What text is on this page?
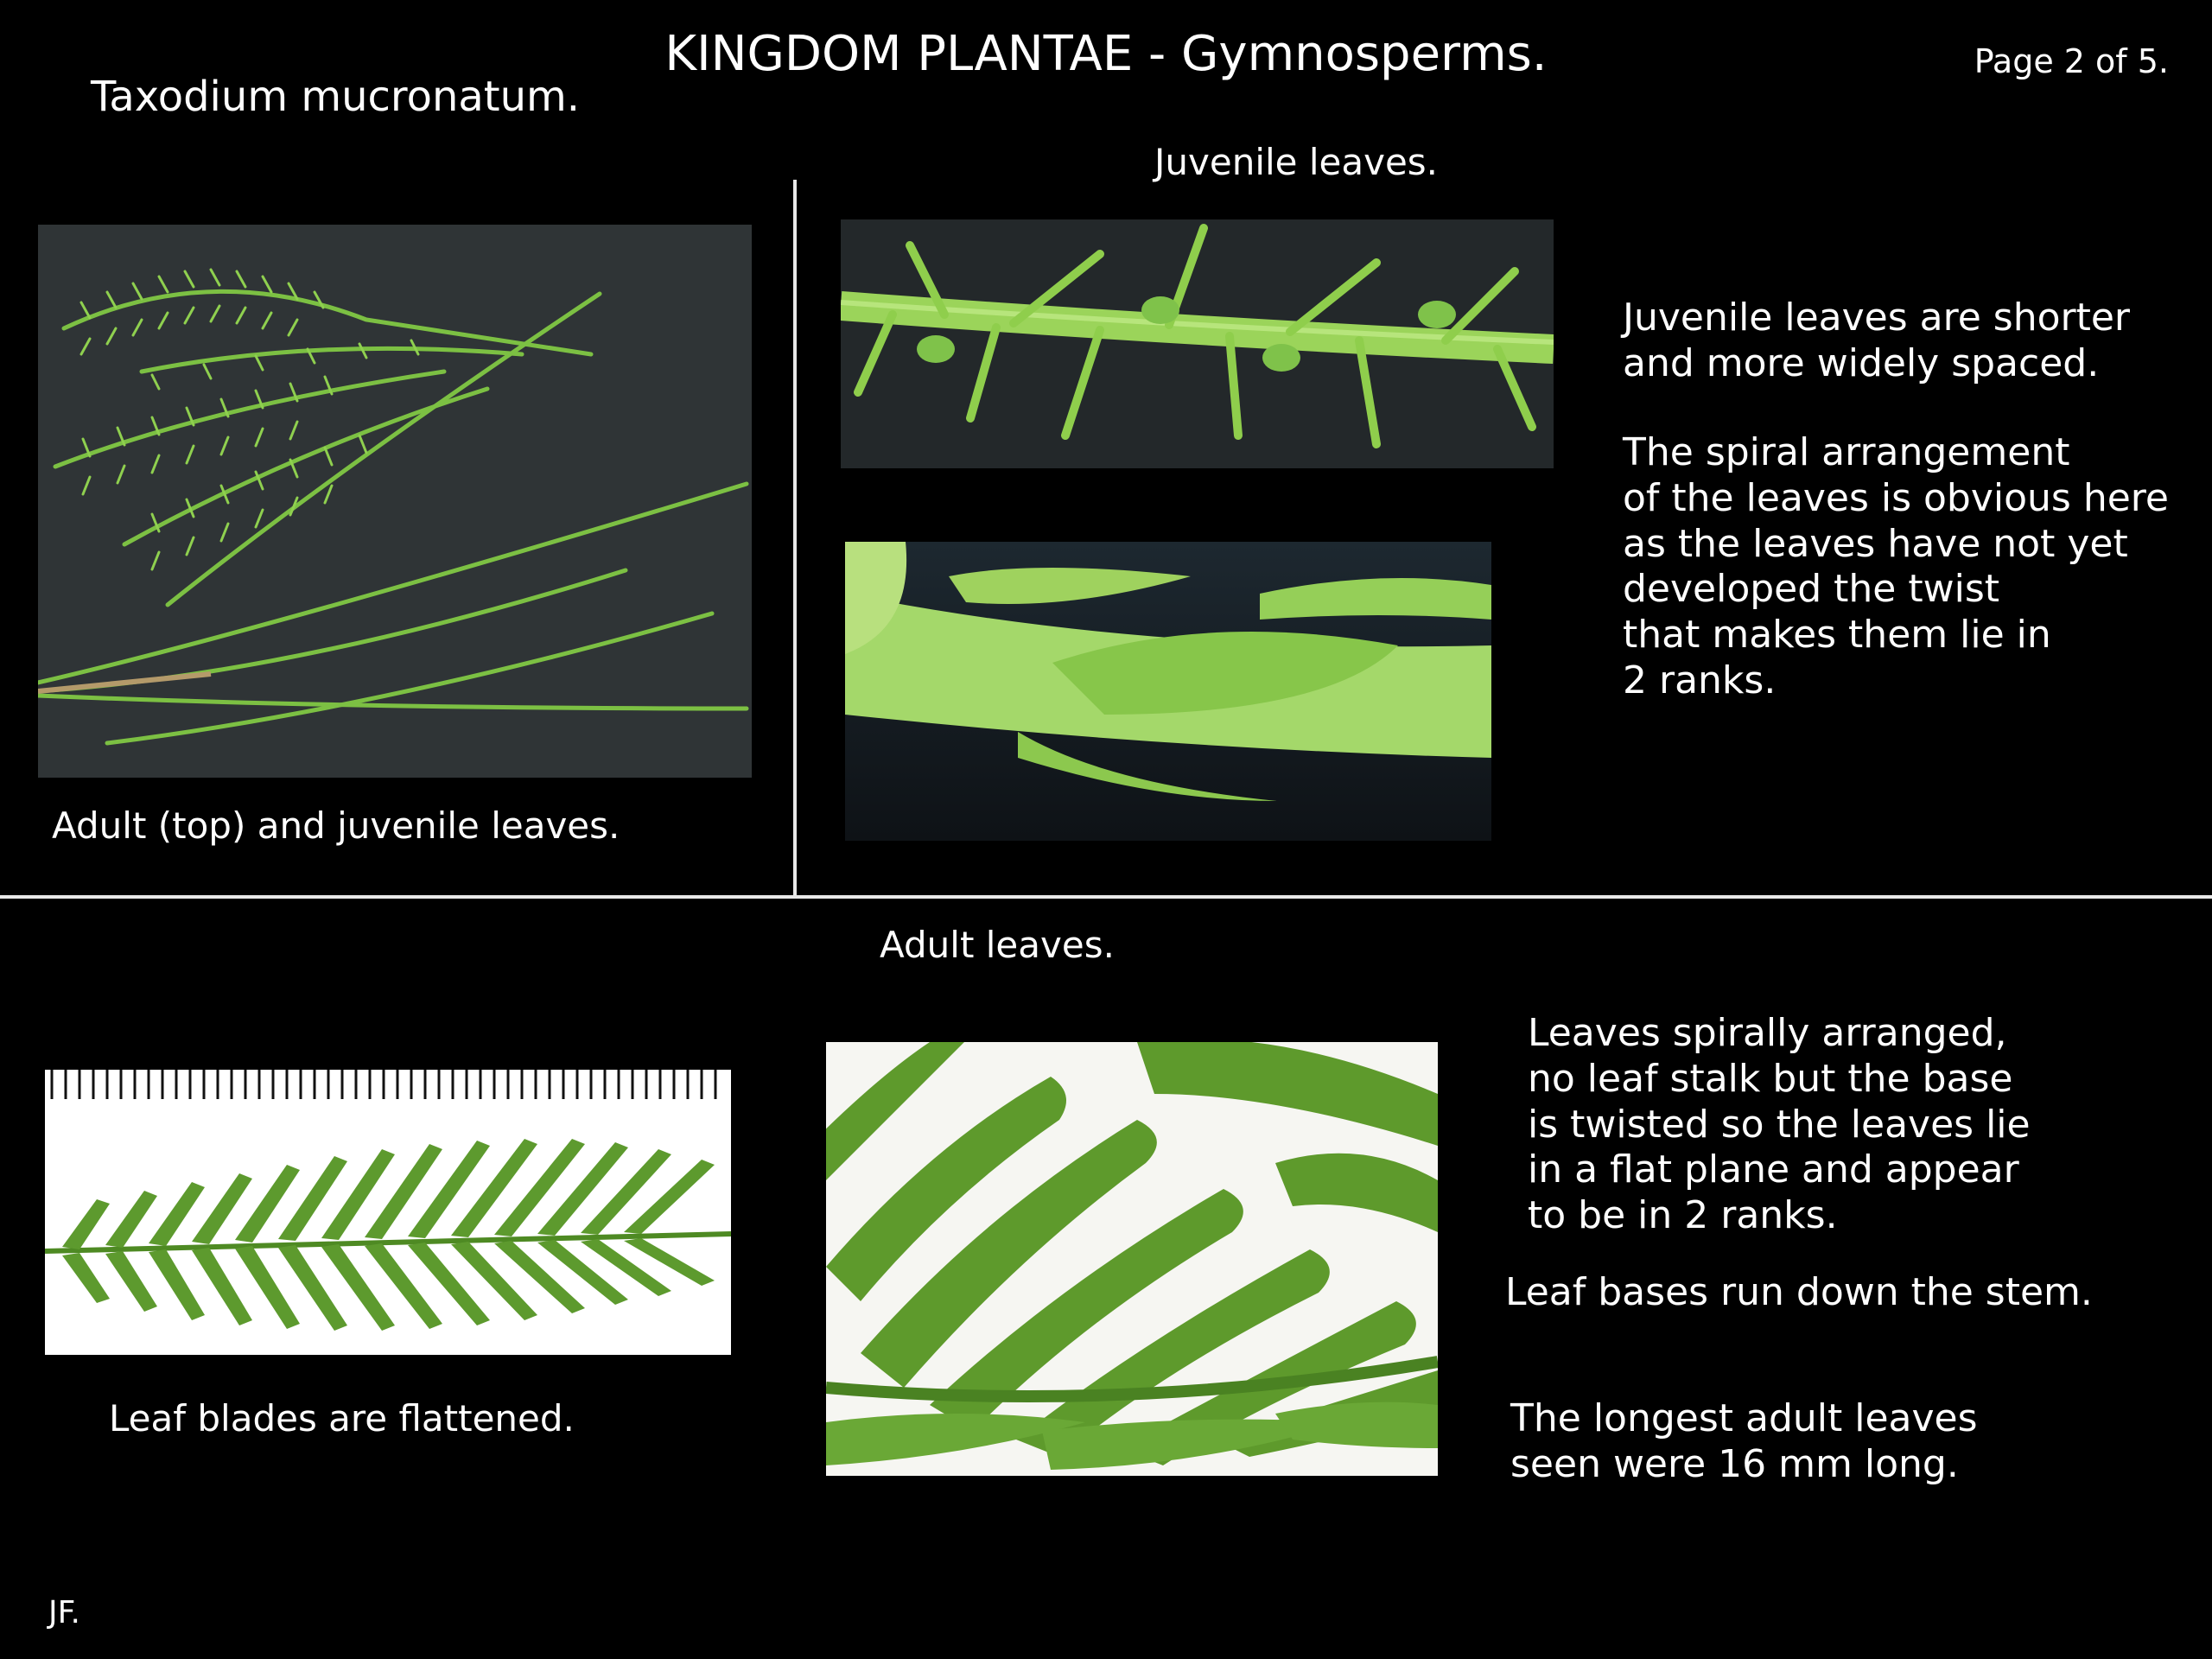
KINGDOM PLANTAE - Gymnosperms.
Taxodium mucronatum.
Page 2 of 5.
Adult (top) and juvenile leaves.
Juvenile leaves.
Juvenile leaves are shorter
and more widely spaced.
The spiral arrangement
of the leaves is obvious here
as the leaves have not yet
developed the twist
that makes them lie in
2 ranks.
Adult leaves.
Leaf blades are flattened.
Leaves spirally arranged,
no leaf stalk but the base
is twisted so the leaves lie
in a flat plane and appear
to be in 2 ranks.
Leaf bases run down the stem.
The longest adult leaves
seen were 16 mm long.
JF.
